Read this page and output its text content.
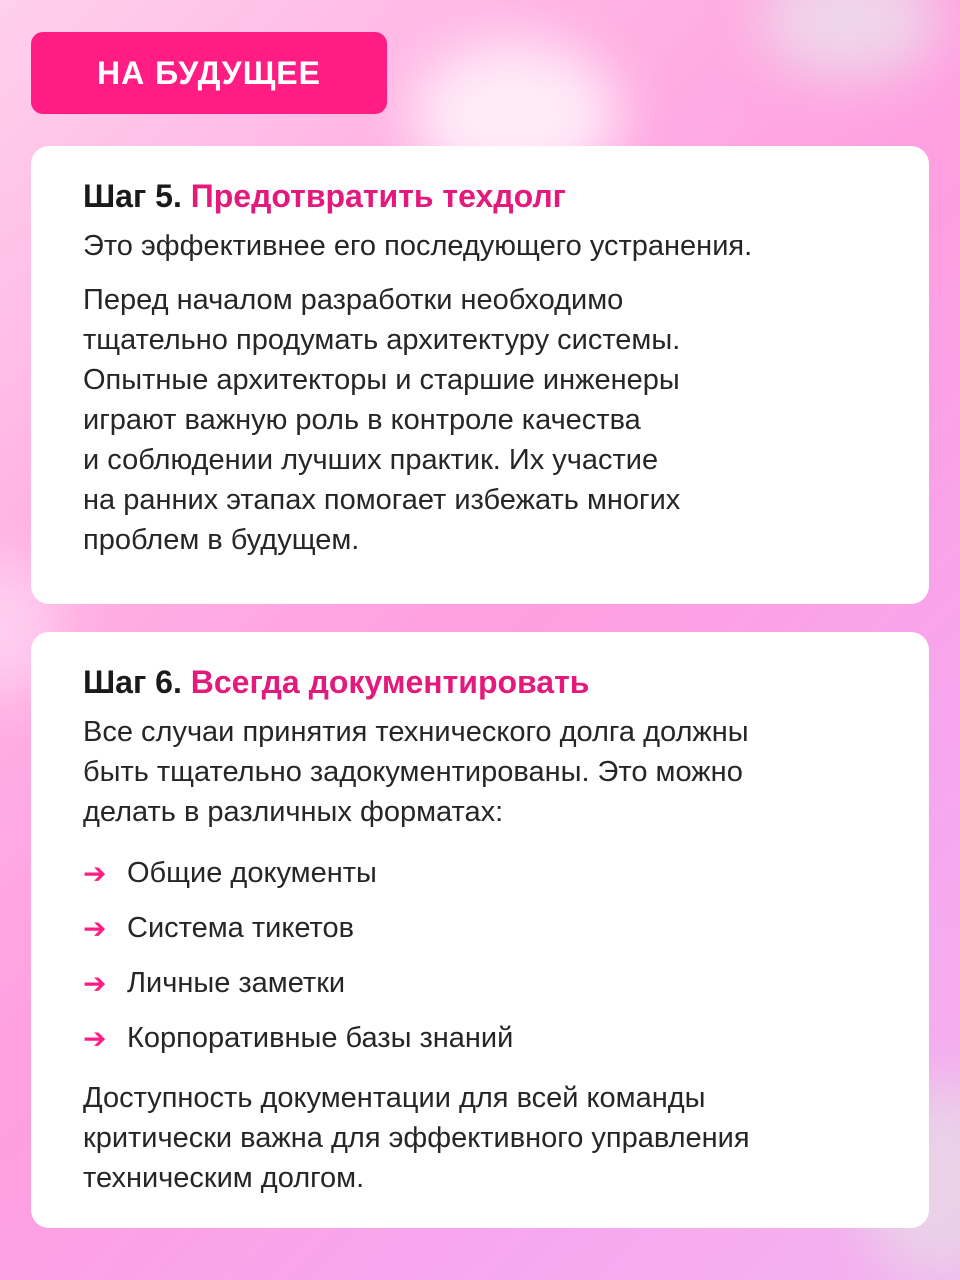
НА БУДУЩЕЕ
Шаг 5. Предотвратить техдолг

Это эффективнее его последующего устранения.

Перед началом разработки необходимо
тщательно продумать архитектуру системы.
Опытные архитекторы и старшие инженеры
играют важную роль в контроле качества
и соблюдении лучших практик. Их участие
на ранних этапах помогает избежать многих
проблем в будущем.

Шаг 6. Всегда документировать

Все случаи принятия технического долга должны
быть тщательно задокументированы. Это можно
делать в различных форматах:

➔ Общие документы
➔ Система тикетов
➔ Личные заметки
➔ Корпоративные базы знаний

Доступность документации для всей команды
критически важна для эффективного управления
техническим долгом.
